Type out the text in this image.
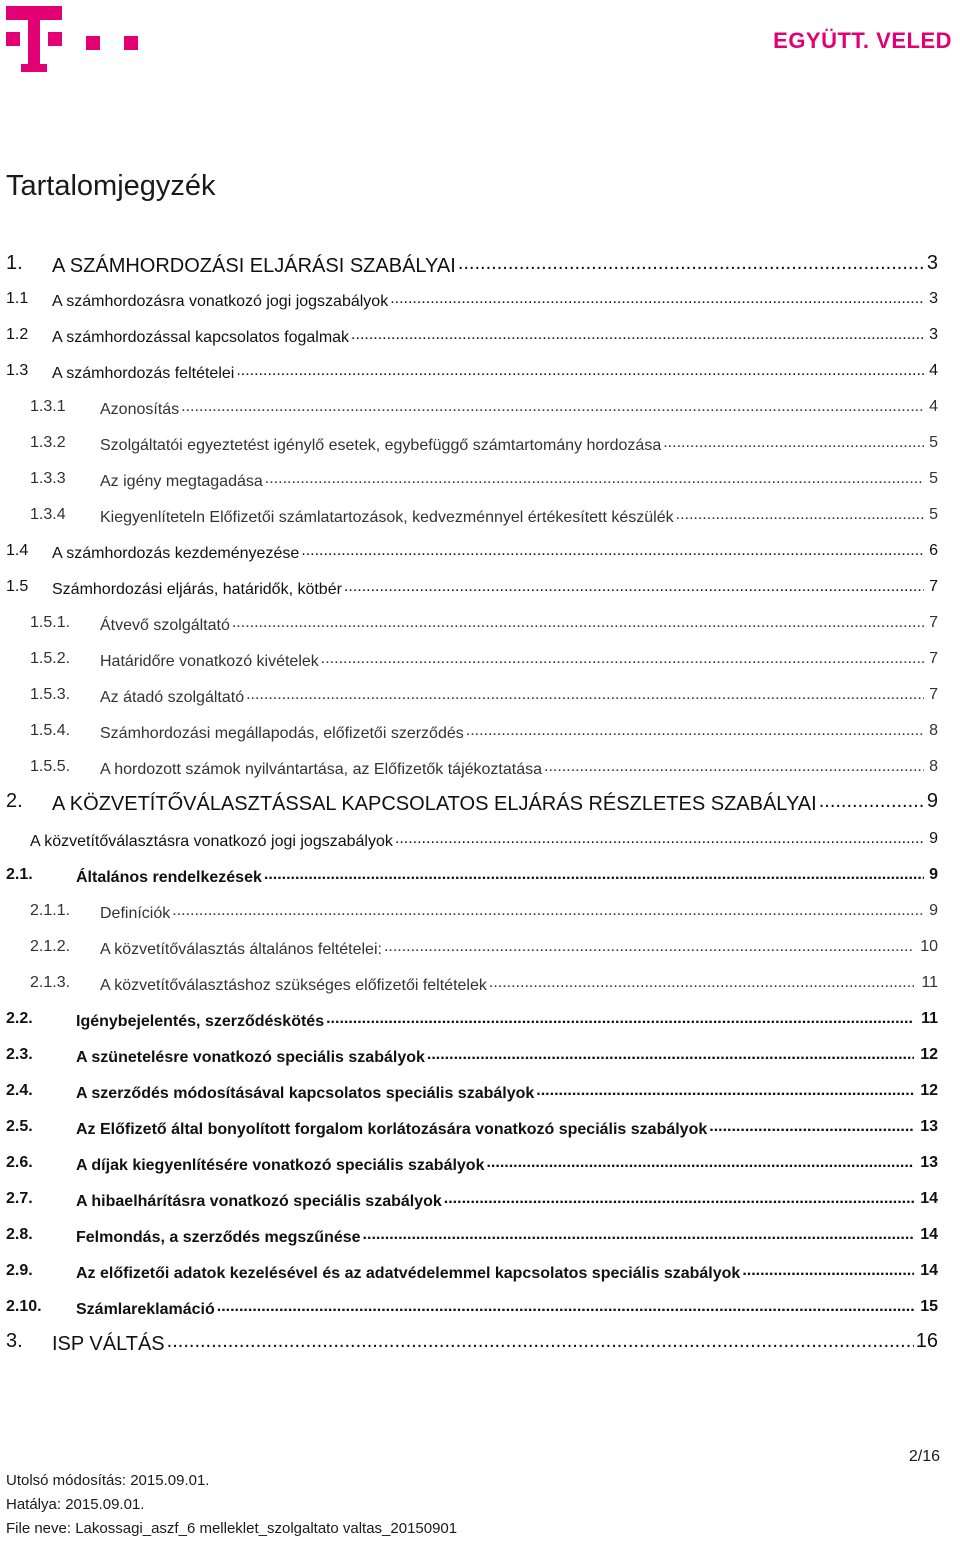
EGYÜTT. VELED
Tartalomjegyzék
1. A SZÁMHORDOZÁSI ELJÁRÁSI SZABÁLYAI .....	3
1.1 A számhordozásra vonatkozó jogi jogszabályok .....	3
1.2 A számhordozással kapcsolatos fogalmak .....	3
1.3 A számhordozás feltételei .....	4
1.3.1 Azonosítás .....	4
1.3.2 Szolgáltatói egyeztetést igénylő esetek, egybefüggő számtartomány hordozása .....	5
1.3.3 Az igény megtagadása .....	5
1.3.4 Kiegyenlíteteln Előfizetői számlatartozások, kedvezménnyel értékesített készülék .....	5
1.4 A számhordozás kezdeményezése .....	6
1.5 Számhordozási eljárás, határidők, kötbér .....	7
1.5.1. Átvevő szolgáltató .....	7
1.5.2. Határidőre vonatkozó kivételek .....	7
1.5.3. Az átadó szolgáltató .....	7
1.5.4. Számhordozási megállapodás, előfizetői szerződés .....	8
1.5.5. A hordozott számok nyilvántartása, az Előfizetők tájékoztatása .....	8
2. A KÖZVETÍTŐVÁLASZTÁSSAL KAPCSOLATOS ELJÁRÁS RÉSZLETES SZABÁLYAI .....	9
A közvetítőválasztásra vonatkozó jogi jogszabályok .....	9
2.1.	Általános rendelkezések .....	9
2.1.1. Definíciók .....	9
2.1.2. A közvetítőválasztás általános feltételei: .....	10
2.1.3. A közvetítőválasztáshoz szükséges előfizetői feltételek .....	11
2.2.	Igénybejelentés, szerződéskötés .....	11
2.3.	A szünetelésre vonatkozó speciális szabályok .....	12
2.4.	A szerződés módosításával kapcsolatos speciális szabályok .....	12
2.5.	Az Előfizető által bonyolított forgalom korlátozására vonatkozó speciális szabályok .....	13
2.6.	A díjak kiegyenlítésére vonatkozó speciális szabályok .....	13
2.7.	A hibaelhárításra vonatkozó speciális szabályok .....	14
2.8.	Felmondás, a szerződés megszűnése .....	14
2.9.	Az előfizetői adatok kezelésével és az adatvédelemmel kapcsolatos speciális szabályok .....	14
2.10. Számlareklamáció .....	15
3. ISP VÁLTÁS .....	16
2/16
Utolsó módosítás: 2015.09.01.
Hatálya: 2015.09.01.
File neve: Lakossagi_aszf_6 melleklet_szolgaltato valtas_20150901
